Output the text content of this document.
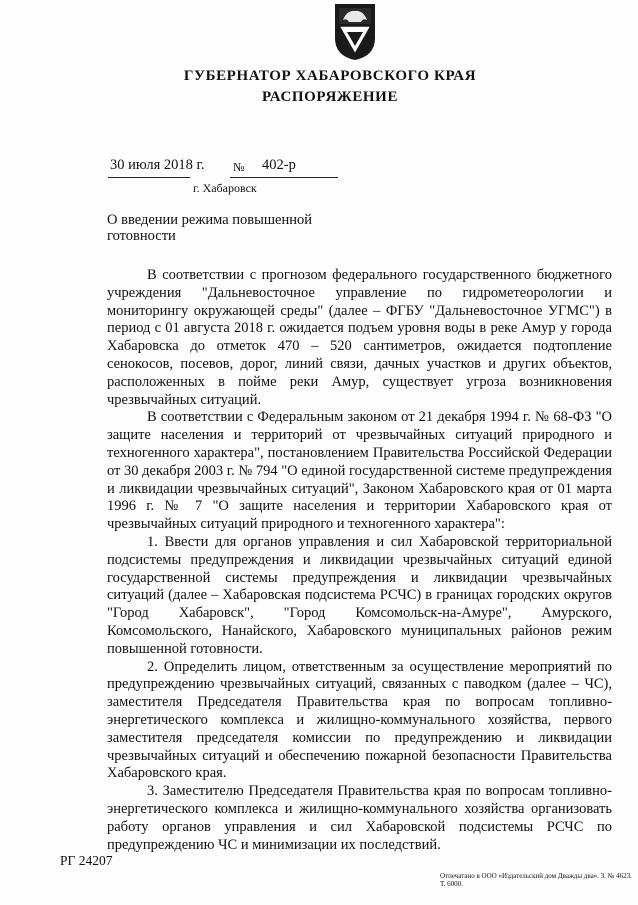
ГУБЕРНАТОР ХАБАРОВСКОГО КРАЯ
РАСПОРЯЖЕНИЕ
30 июля 2018 г. № 402-р
г. Хабаровск
О введении режима повышенной готовности

В соответствии с прогнозом федерального государственного бюджетного учреждения "Дальневосточное управление по гидрометеорологии и мониторингу окружающей среды" (далее – ФГБУ "Дальневосточное УГМС") в период с 01 августа 2018 г. ожидается подъем уровня воды в реке Амур у города Хабаровска до отметок 470 – 520 сантиметров, ожидается подтопление сенокосов, посевов, дорог, линий связи, дачных участков и других объектов, расположенных в пойме реки Амур, существует угроза возникновения чрезвычайных ситуаций.

В соответствии с Федеральным законом от 21 декабря 1994 г. № 68-ФЗ "О защите населения и территорий от чрезвычайных ситуаций природного и техногенного характера", постановлением Правительства Российской Федерации от 30 декабря 2003 г. № 794 "О единой государственной системе предупреждения и ликвидации чрезвычайных ситуаций", Законом Хабаровского края от 01 марта 1996 г. № 7 "О защите населения и территории Хабаровского края от чрезвычайных ситуаций природного и техногенного характера":

1. Ввести для органов управления и сил Хабаровской территориальной подсистемы предупреждения и ликвидации чрезвычайных ситуаций единой государственной системы предупреждения и ликвидации чрезвычайных ситуаций (далее – Хабаровская подсистема РСЧС) в границах городских округов "Город Хабаровск", "Город Комсомольск-на-Амуре", Амурского, Комсомольского, Нанайского, Хабаровского муниципальных районов режим повышенной готовности.

2. Определить лицом, ответственным за осуществление мероприятий по предупреждению чрезвычайных ситуаций, связанных с паводком (далее – ЧС), заместителя Председателя Правительства края по вопросам топливно-энергетического комплекса и жилищно-коммунального хозяйства, первого заместителя председателя комиссии по предупреждению и ликвидации чрезвычайных ситуаций и обеспечению пожарной безопасности Правительства Хабаровского края.

3. Заместителю Председателя Правительства края по вопросам топливно-энергетического комплекса и жилищно-коммунального хозяйства организовать работу органов управления и сил Хабаровской подсистемы РСЧС по предупреждению ЧС и минимизации их последствий.

РГ 24207
Отпечатано в ООО «Издательский дом Дважды два». З. № 4623. Т. 6000.
